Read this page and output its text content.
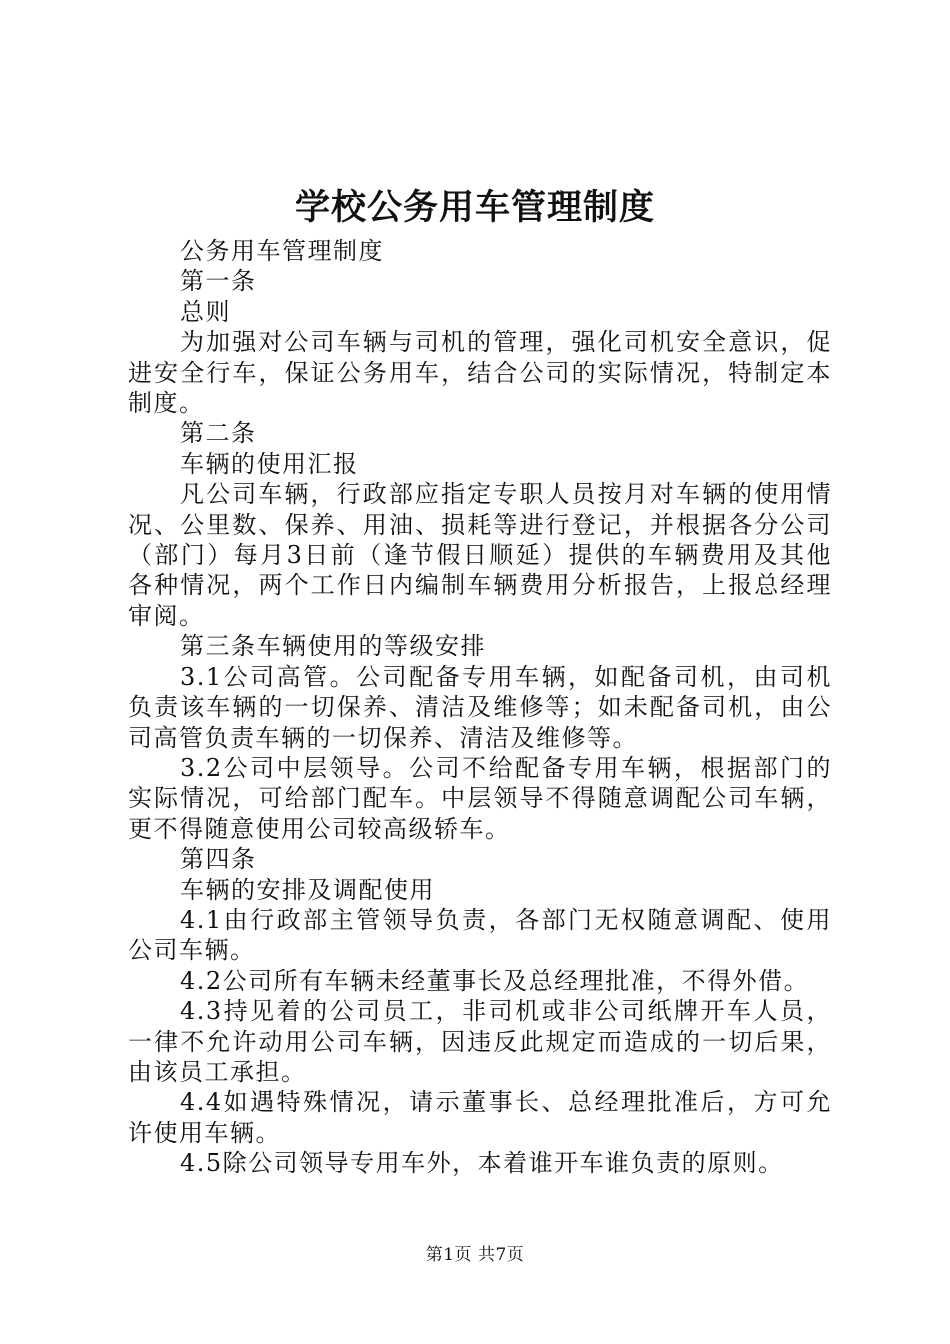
学校公务用车管理制度

公务用车管理制度

第一条

总则

为加强对公司车辆与司机的管理，强化司机安全意识，促进安全行车，保证公务用车，结合公司的实际情况，特制定本制度。

第二条

车辆的使用汇报

凡公司车辆，行政部应指定专职人员按月对车辆的使用情况、公里数、保养、用油、损耗等进行登记，并根据各分公司（部门）每月3日前（逢节假日顺延）提供的车辆费用及其他各种情况，两个工作日内编制车辆费用分析报告，上报总经理审阅。

第三条车辆使用的等级安排

3.1公司高管。公司配备专用车辆，如配备司机，由司机负责该车辆的一切保养、清洁及维修等；如未配备司机，由公司高管负责车辆的一切保养、清洁及维修等。

3.2公司中层领导。公司不给配备专用车辆，根据部门的实际情况，可给部门配车。中层领导不得随意调配公司车辆，更不得随意使用公司较高级轿车。

第四条

车辆的安排及调配使用

4.1由行政部主管领导负责，各部门无权随意调配、使用公司车辆。

4.2公司所有车辆未经董事长及总经理批准，不得外借。

4.3持见着的公司员工，非司机或非公司纸牌开车人员，一律不允许动用公司车辆，因违反此规定而造成的一切后果，由该员工承担。

4.4如遇特殊情况，请示董事长、总经理批准后，方可允许使用车辆。

4.5除公司领导专用车外，本着谁开车谁负责的原则。

第1页 共7页
